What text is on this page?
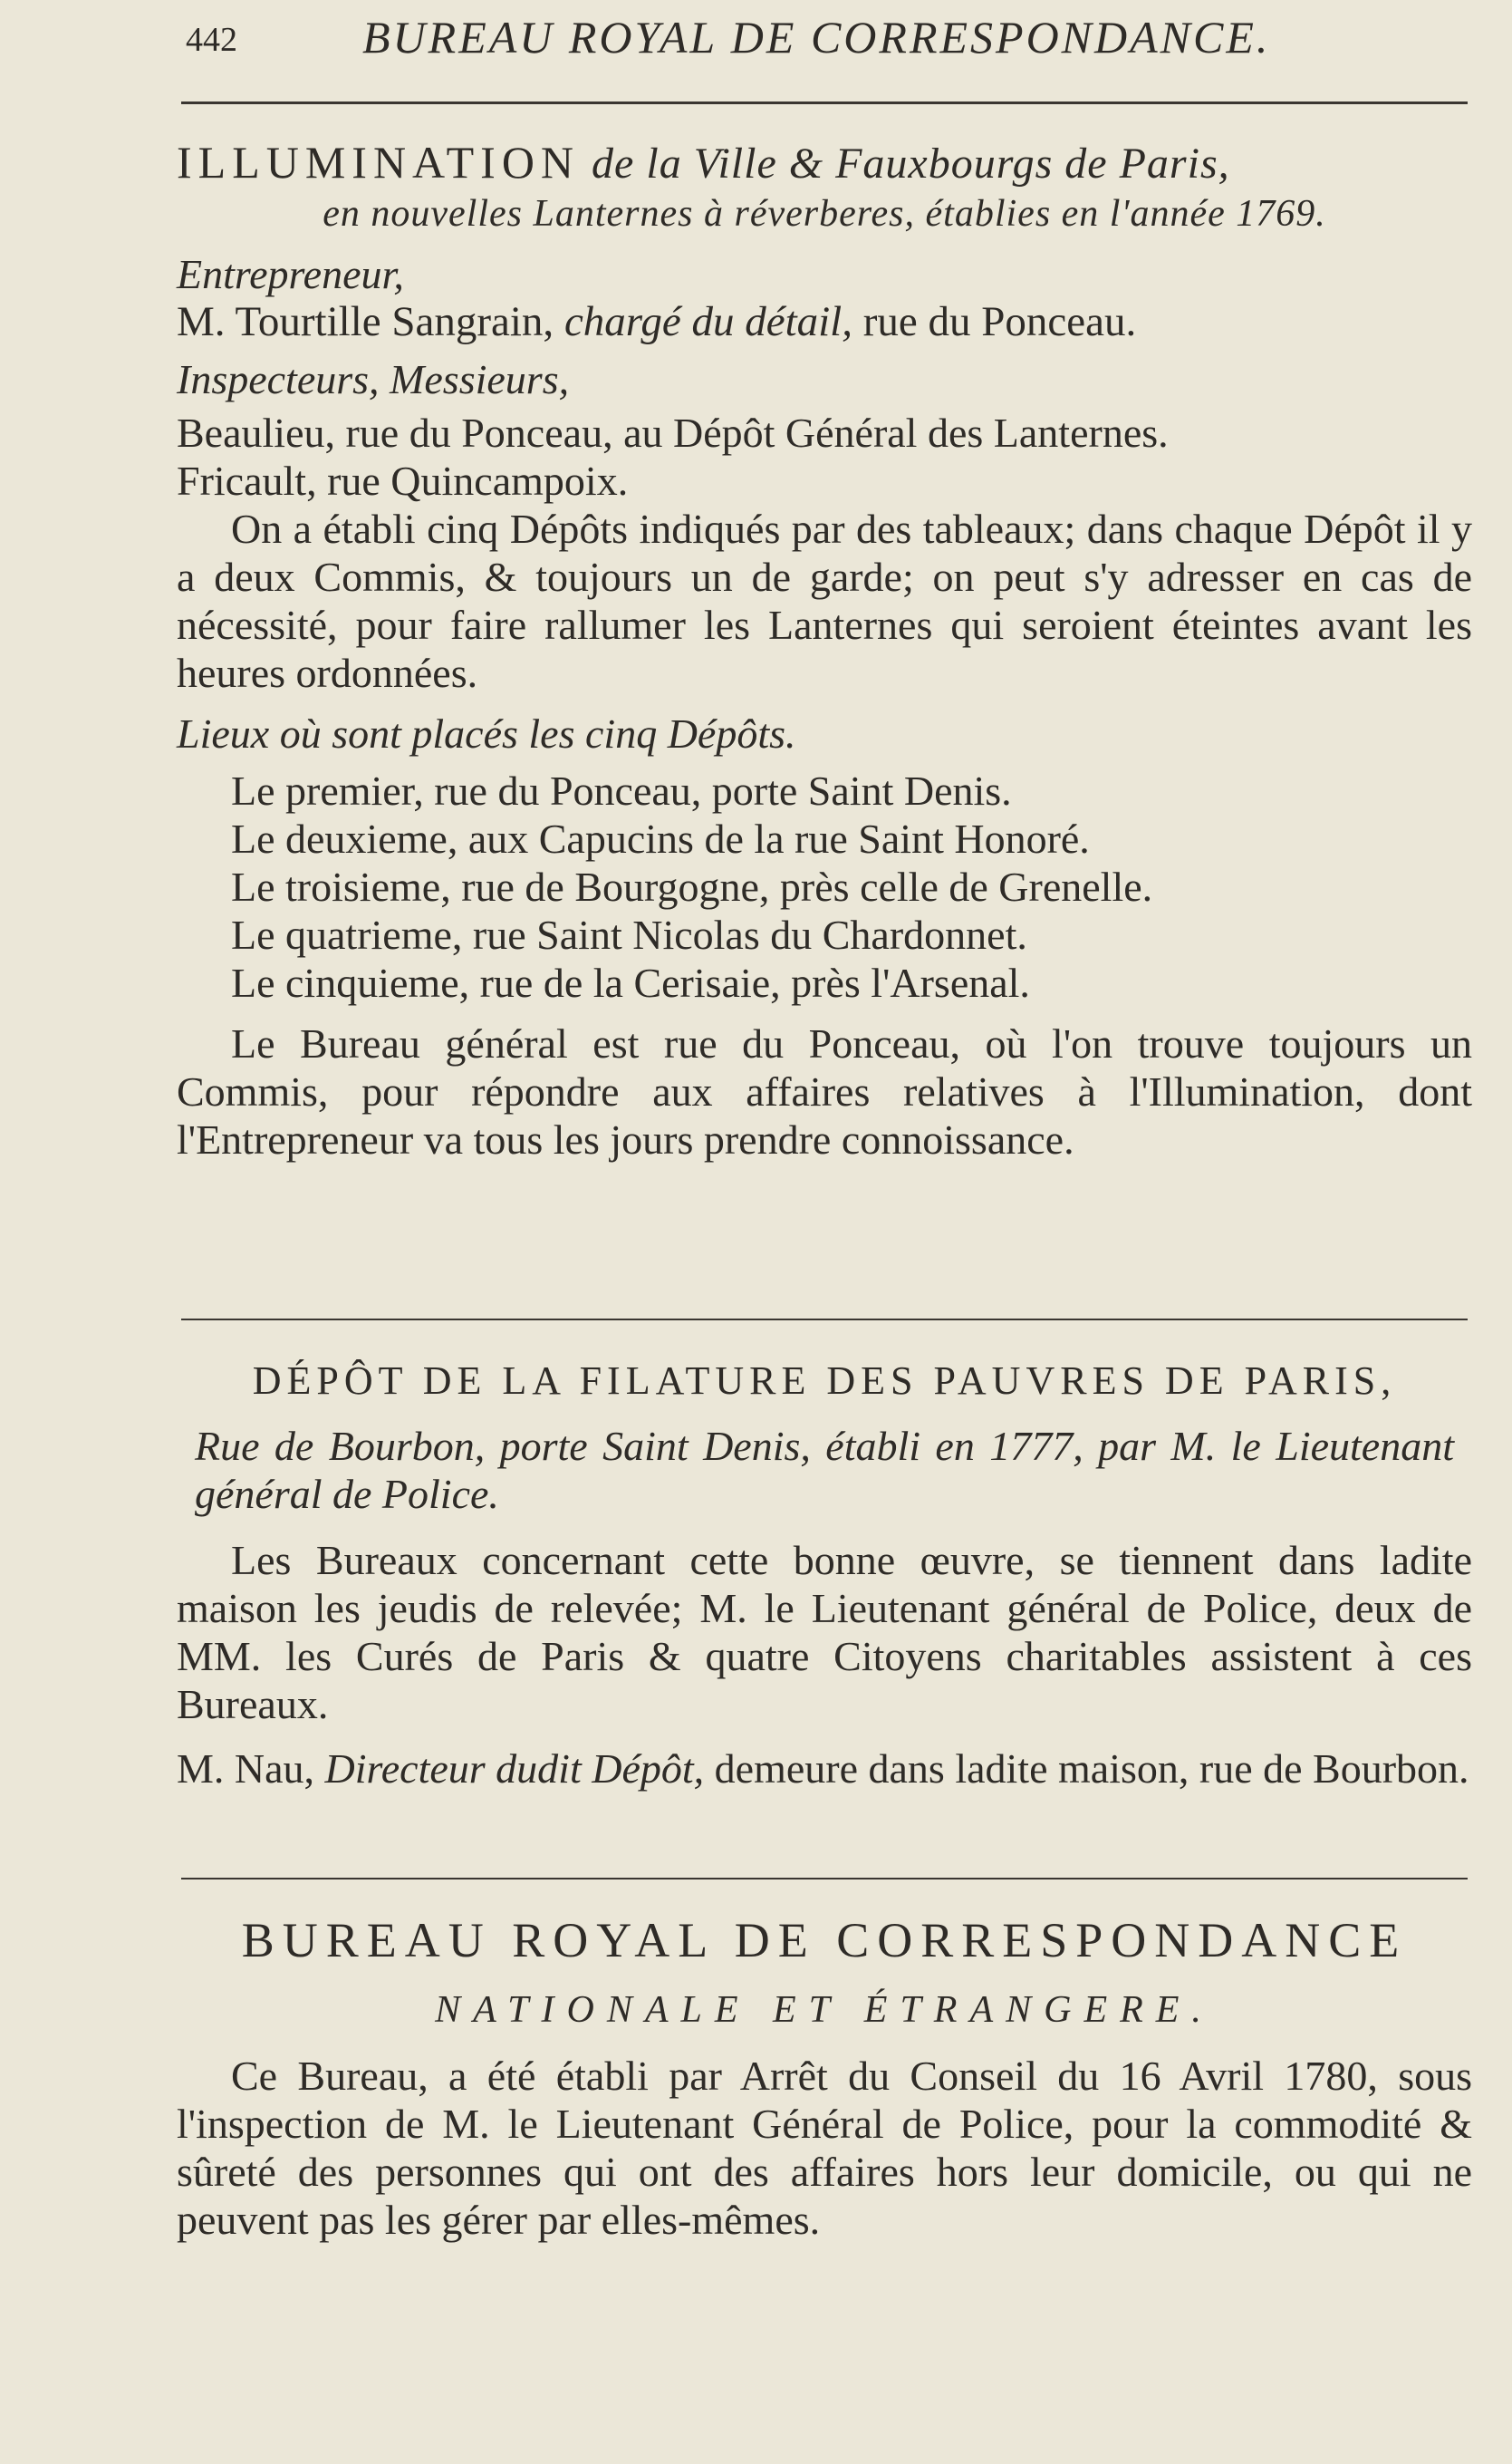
442	BUREAU ROYAL DE CORRESPONDANCE.
ILLUMINATION de la Ville & Fauxbourgs de Paris,
en nouvelles Lanternes à réverberes, établies en l'année 1769.
Entrepreneur,
M. Tourtille Sangrain, chargé du détail, rue du Ponceau.
Inspecteurs, Messieurs,
Beaulieu, rue du Ponceau, au Dépôt Général des Lanternes.
Fricault, rue Quincampoix.

On a établi cinq Dépôts indiqués par des tableaux; dans chaque Dépôt il y a deux Commis, & toujours un de garde; on peut s'y adresser en cas de nécessité, pour faire rallumer les Lanternes qui seroient éteintes avant les heures ordonnées.

Lieux où sont placés les cinq Dépôts.
Le premier, rue du Ponceau, porte Saint Denis.
Le deuxieme, aux Capucins de la rue Saint Honoré.
Le troisieme, rue de Bourgogne, près celle de Grenelle.
Le quatrieme, rue Saint Nicolas du Chardonnet.
Le cinquieme, rue de la Cerisaie, près l'Arsenal.

Le Bureau général est rue du Ponceau, où l'on trouve toujours un Commis, pour répondre aux affaires relatives à l'Illumination, dont l'Entrepreneur va tous les jours prendre connoissance.

DÉPÔT DE LA FILATURE DES PAUVRES DE PARIS,

Rue de Bourbon, porte Saint Denis, établi en 1777, par M. le Lieutenant général de Police.

Les Bureaux concernant cette bonne œuvre, se tiennent dans ladite maison les jeudis de relevée; M. le Lieutenant général de Police, deux de MM. les Curés de Paris & quatre Citoyens charitables assistent à ces Bureaux.

M. Nau, Directeur dudit Dépôt, demeure dans ladite maison, rue de Bourbon.

BUREAU ROYAL DE CORRESPONDANCE
NATIONALE ET ÉTRANGERE.

Ce Bureau, a été établi par Arrêt du Conseil du 16 Avril 1780, sous l'inspection de M. le Lieutenant Général de Police, pour la commodité & sûreté des personnes qui ont des affaires hors leur domicile, ou qui ne peuvent pas les gérer par elles-mêmes.
